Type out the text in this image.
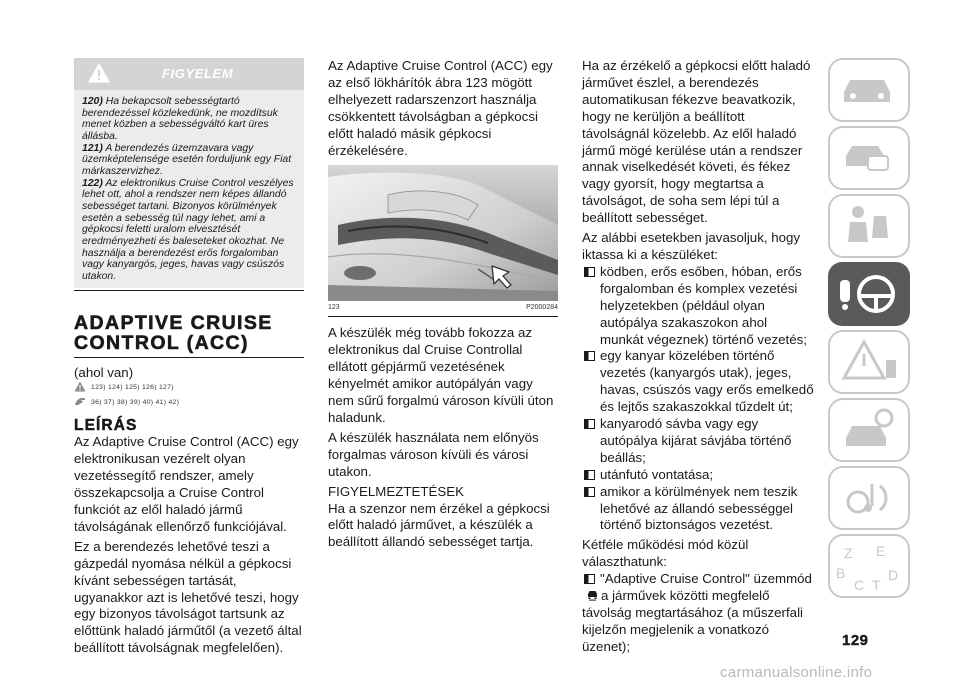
FIGYELEM

120) Ha bekapcsolt sebességtartó berendezéssel közlekedünk, ne mozdítsuk menet közben a sebességváltó kart üres állásba.

121) A berendezés üzemzavara vagy üzemképtelensége esetén forduljunk egy Fiat márkaszervizhez.

122) Az elektronikus Cruise Control veszélyes lehet ott, ahol a rendszer nem képes állandó sebességet tartani. Bizonyos körülmények esetén a sebesség túl nagy lehet, ami a gépkocsi feletti uralom elvesztését eredményezheti és baleseteket okozhat. Ne használja a berendezést erős forgalomban vagy kanyargós, jeges, havas vagy csúszós utakon.

ADAPTIVE CRUISE CONTROL (ACC)

(ahol van)

123) 124) 125) 126) 127)
36) 37) 38) 39) 40) 41) 42)
LEÍRÁS

Az Adaptive Cruise Control (ACC) egy elektronikusan vezérelt olyan vezetéssegítő rendszer, amely összekapcsolja a Cruise Control funkciót az elől haladó jármű távolságának ellenőrző funkciójával.

Ez a berendezés lehetővé teszi a gázpedál nyomása nélkül a gépkocsi kívánt sebességen tartását, ugyanakkor azt is lehetővé teszi, hogy egy bizonyos távolságot tartsunk az előttünk haladó járműtől (a vezető által beállított távolságnak megfelelően).

Az Adaptive Cruise Control (ACC) egy az első lökhárítók ábra 123 mögött elhelyezett radarszenzort használja csökkentett távolságban a gépkocsi előtt haladó másik gépkocsi érzékelésére.

123	P2000284

A készülék még tovább fokozza az elektronikus dal Cruise Controllal ellátott gépjármű vezetésének kényelmét amikor autópályán vagy nem sűrű forgalmú városon kívüli úton haladunk.

A készülék használata nem előnyös forgalmas városon kívüli és városi utakon.

FIGYELMEZTETÉSEK

Ha a szenzor nem érzékel a gépkocsi előtt haladó járművet, a készülék a beállított állandó sebességet tartja.

Ha az érzékelő a gépkocsi előtt haladó járművet észlel, a berendezés automatikusan fékezve beavatkozik, hogy ne kerüljön a beállított távolságnál közelebb. Az elől haladó jármű mögé kerülése után a rendszer annak viselkedését követi, és fékez vagy gyorsít, hogy megtartsa a távolságot, de soha sem lépi túl a beállított sebességet.

Az alábbi esetekben javasoljuk, hogy iktassa ki a készüléket:

ködben, erős esőben, hóban, erős forgalomban és komplex vezetési helyzetekben (például olyan autópálya szakaszokon ahol munkát végeznek) történő vezetés;
egy kanyar közelében történő vezetés (kanyargós utak), jeges, havas, csúszós vagy erős emelkedő és lejtős szakaszokkal tűzdelt út;
kanyarodó sávba vagy egy autópálya kijárat sávjába történő beállás;
utánfutó vontatása;
amikor a körülmények nem teszik lehetővé az állandó sebességgel történő biztonságos vezetést.

Kétféle működési mód közül választhatunk:

"Adaptive Cruise Control" üzemmód

a járművek közötti megfelelő távolság megtartásához (a műszerfali kijelzőn megjelenik a vonatkozó üzenet);

Z E
B
C T
D
129
carmanualsonline.info
